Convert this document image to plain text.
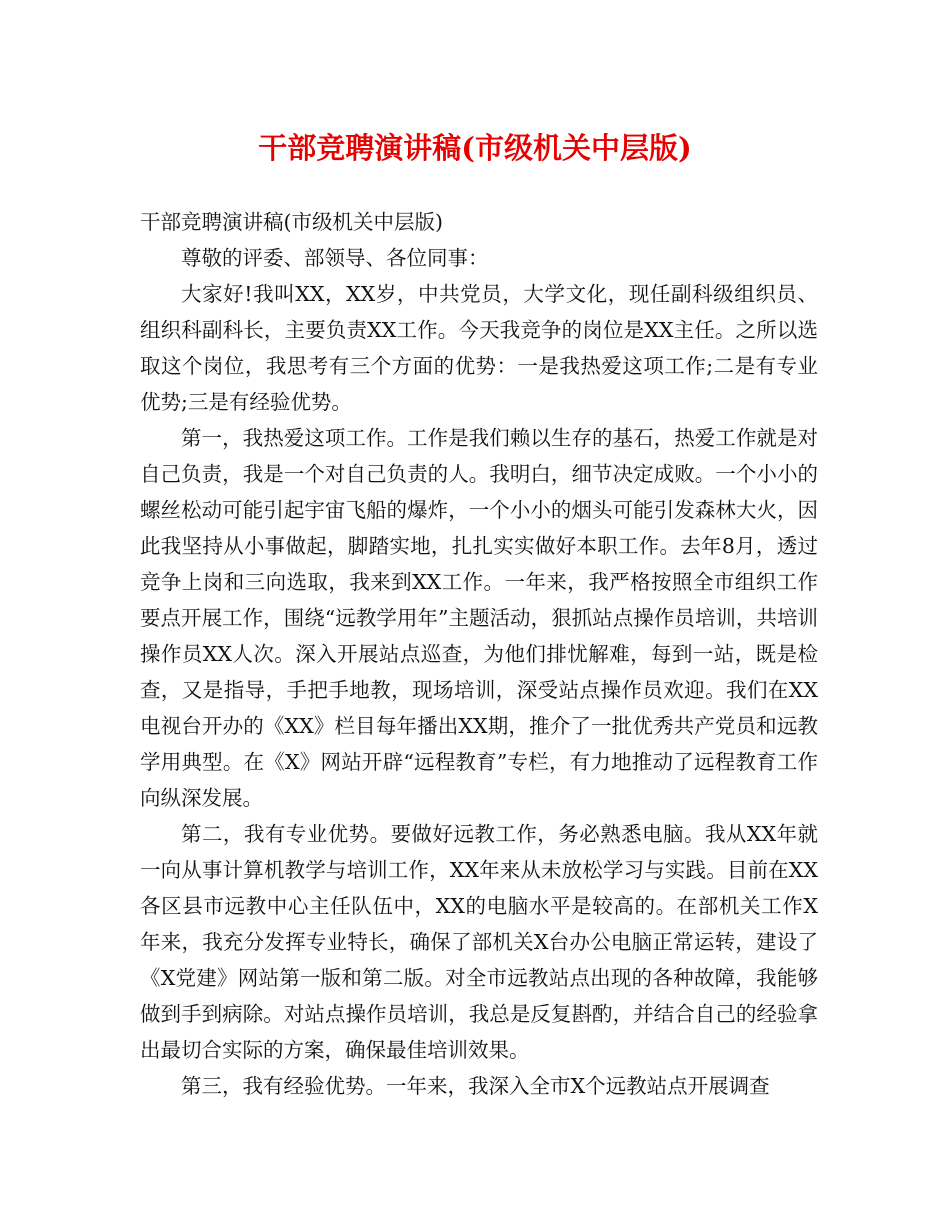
干部竞聘演讲稿(市级机关中层版)

干部竞聘演讲稿(市级机关中层版)

尊敬的评委、部领导、各位同事：

大家好!我叫XX，XX岁，中共党员，大学文化，现任副科级组织员、组织科副科长，主要负责XX工作。今天我竞争的岗位是XX主任。之所以选取这个岗位，我思考有三个方面的优势：一是我热爱这项工作;二是有专业优势;三是有经验优势。

第一，我热爱这项工作。工作是我们赖以生存的基石，热爱工作就是对自己负责，我是一个对自己负责的人。我明白，细节决定成败。一个小小的螺丝松动可能引起宇宙飞船的爆炸，一个小小的烟头可能引发森林大火，因此我坚持从小事做起，脚踏实地，扎扎实实做好本职工作。去年8月，透过竞争上岗和三向选取，我来到XX工作。一年来，我严格按照全市组织工作要点开展工作，围绕“远教学用年”主题活动，狠抓站点操作员培训，共培训操作员XX人次。深入开展站点巡查，为他们排忧解难，每到一站，既是检查，又是指导，手把手地教，现场培训，深受站点操作员欢迎。我们在XX电视台开办的《XX》栏目每年播出XX期，推介了一批优秀共产党员和远教学用典型。在《X》网站开辟“远程教育”专栏，有力地推动了远程教育工作向纵深发展。

第二，我有专业优势。要做好远教工作，务必熟悉电脑。我从XX年就一向从事计算机教学与培训工作，XX年来从未放松学习与实践。目前在XX各区县市远教中心主任队伍中，XX的电脑水平是较高的。在部机关工作X年来，我充分发挥专业特长，确保了部机关X台办公电脑正常运转，建设了《X党建》网站第一版和第二版。对全市远教站点出现的各种故障，我能够做到手到病除。对站点操作员培训，我总是反复斟酌，并结合自己的经验拿出最切合实际的方案，确保最佳培训效果。

第三，我有经验优势。一年来，我深入全市X个远教站点开展调查
